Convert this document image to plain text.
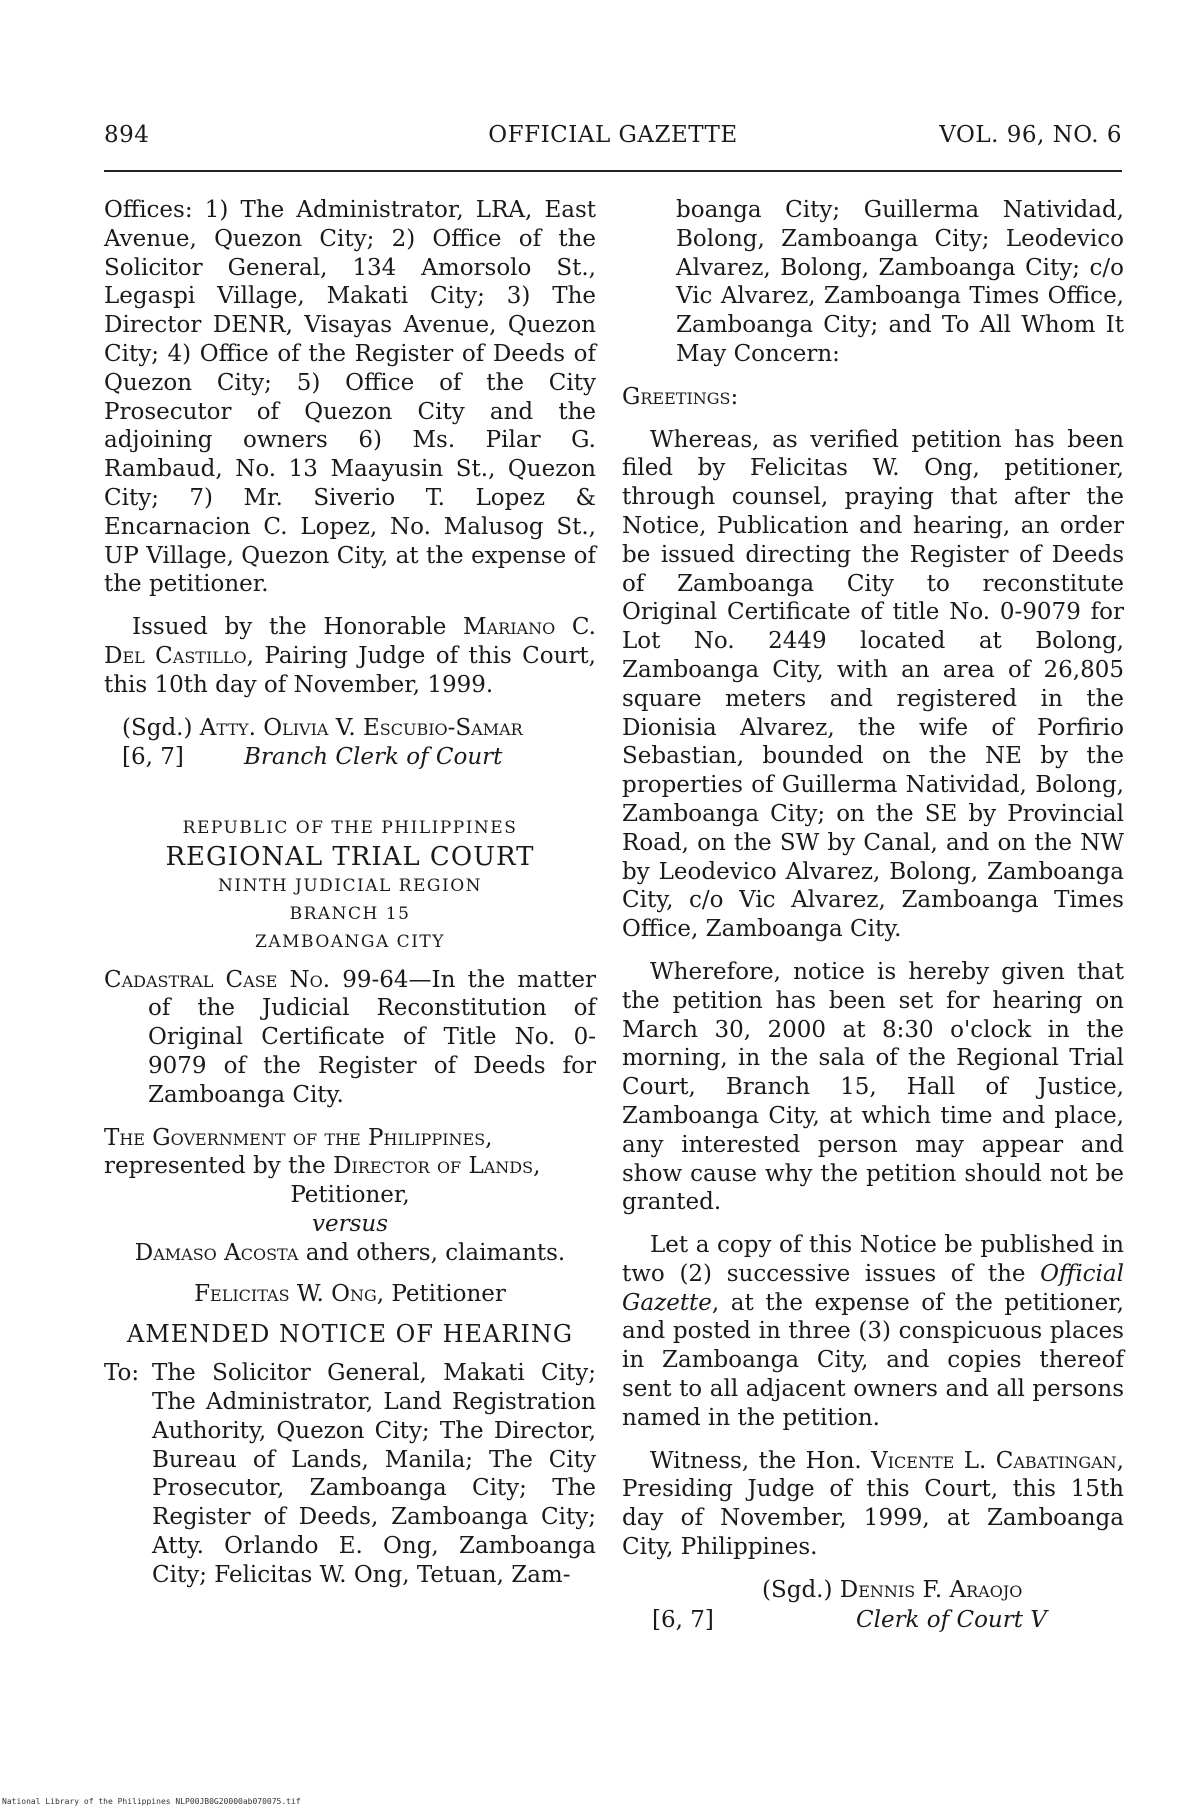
894	OFFICIAL GAZETTE	VOL. 96, NO. 6

Offices: 1) The Administrator, LRA, East Avenue, Quezon City; 2) Office of the Solicitor General, 134 Amorsolo St., Legaspi Village, Makati City; 3) The Director DENR, Visayas Avenue, Quezon City; 4) Office of the Register of Deeds of Quezon City; 5) Office of the City Prosecutor of Quezon City and the adjoining owners 6) Ms. Pilar G. Rambaud, No. 13 Maayusin St., Quezon City; 7) Mr. Siverio T. Lopez & Encarnacion C. Lopez, No. Malusog St., UP Village, Quezon City, at the expense of the petitioner.

Issued by the Honorable Mariano C. Del Castillo, Pairing Judge of this Court, this 10th day of November, 1999.

(Sgd.) Atty. Olivia V. Escubio-Samar
[6, 7]	Branch Clerk of Court

REPUBLIC OF THE PHILIPPINES

REGIONAL TRIAL COURT

NINTH JUDICIAL REGION

BRANCH 15

ZAMBOANGA CITY

Cadastral Case No. 99-64—In the matter of the Judicial Reconstitution of Original Certificate of Title No. 0-9079 of the Register of Deeds for Zamboanga City.

The Government of the Philippines,

represented by the Director of Lands,

Petitioner,

versus

Damaso Acosta and others, claimants.

Felicitas W. Ong, Petitioner

AMENDED NOTICE OF HEARING

To: The Solicitor General, Makati City; The Administrator, Land Registration Authority, Quezon City; The Director, Bureau of Lands, Manila; The City Prosecutor, Zamboanga City; The Register of Deeds, Zamboanga City; Atty. Orlando E. Ong, Zamboanga City; Felicitas W. Ong, Tetuan, Zam-

boanga City; Guillerma Natividad, Bolong, Zamboanga City; Leodevico Alvarez, Bolong, Zamboanga City; c/o Vic Alvarez, Zamboanga Times Office, Zamboanga City; and To All Whom It May Concern:

Greetings:

Whereas, as verified petition has been filed by Felicitas W. Ong, petitioner, through counsel, praying that after the Notice, Publication and hearing, an order be issued directing the Register of Deeds of Zamboanga City to reconstitute Original Certificate of title No. 0-9079 for Lot No. 2449 located at Bolong, Zamboanga City, with an area of 26,805 square meters and registered in the Dionisia Alvarez, the wife of Porfirio Sebastian, bounded on the NE by the properties of Guillerma Natividad, Bolong, Zamboanga City; on the SE by Provincial Road, on the SW by Canal, and on the NW by Leodevico Alvarez, Bolong, Zamboanga City, c/o Vic Alvarez, Zamboanga Times Office, Zamboanga City.

Wherefore, notice is hereby given that the petition has been set for hearing on March 30, 2000 at 8:30 o'clock in the morning, in the sala of the Regional Trial Court, Branch 15, Hall of Justice, Zamboanga City, at which time and place, any interested person may appear and show cause why the petition should not be granted.

Let a copy of this Notice be published in two (2) successive issues of the Official Gazette, at the expense of the petitioner, and posted in three (3) conspicuous places in Zamboanga City, and copies thereof sent to all adjacent owners and all persons named in the petition.

Witness, the Hon. Vicente L. Cabatingan, Presiding Judge of this Court, this 15th day of November, 1999, at Zamboanga City, Philippines.

(Sgd.) Dennis F. Araojo
[6, 7]	Clerk of Court V
National Library of the Philippines NLP00JB0G20000ab070075.tif
